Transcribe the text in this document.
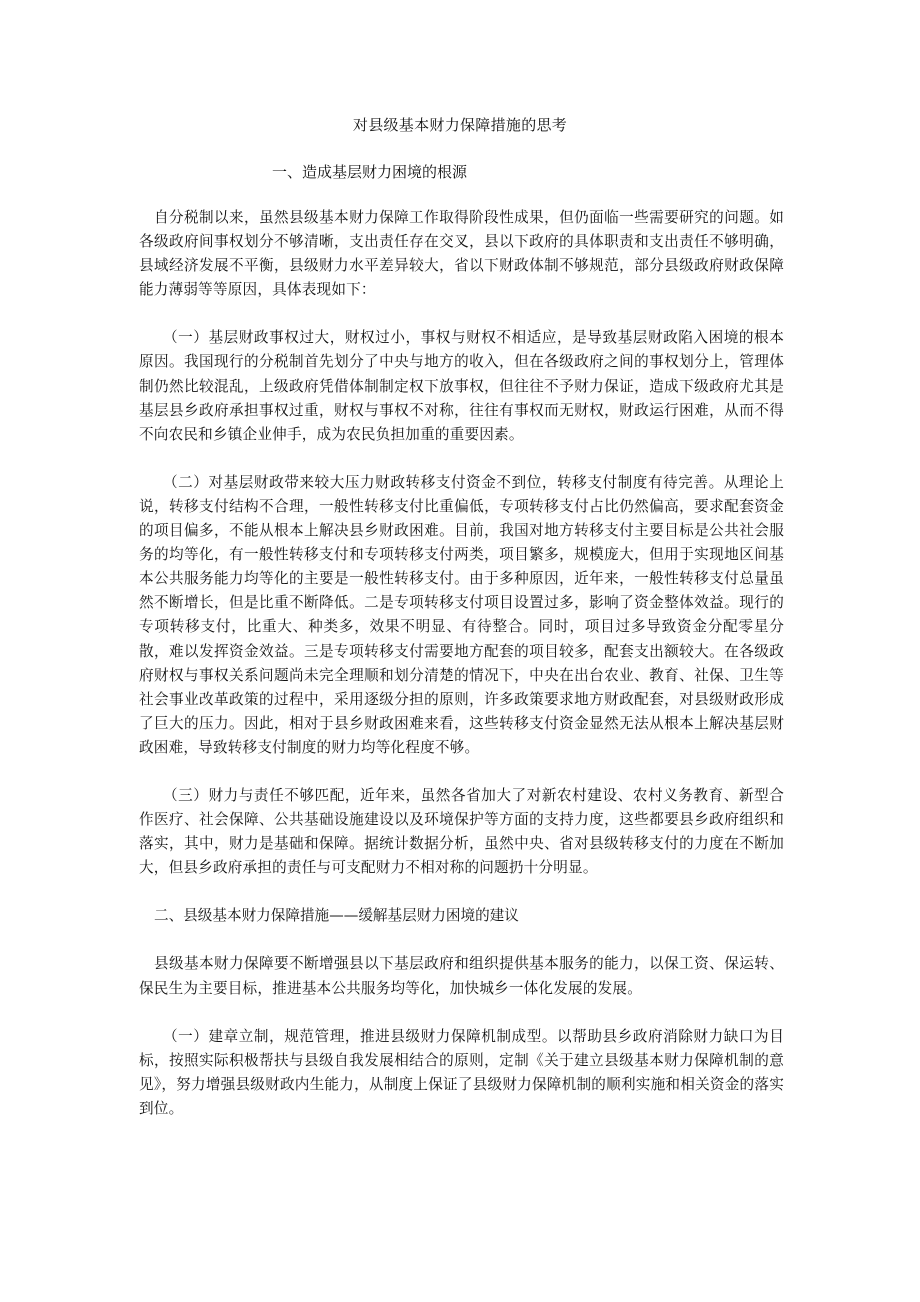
对县级基本财力保障措施的思考
一、造成基层财力困境的根源

自分税制以来，虽然县级基本财力保障工作取得阶段性成果，但仍面临一些需要研究的问题。如各级政府间事权划分不够清晰，支出责任存在交叉，县以下政府的具体职责和支出责任不够明确，县域经济发展不平衡，县级财力水平差异较大，省以下财政体制不够规范，部分县级政府财政保障能力薄弱等等原因，具体表现如下：

（一）基层财政事权过大，财权过小，事权与财权不相适应，是导致基层财政陷入困境的根本原因。我国现行的分税制首先划分了中央与地方的收入，但在各级政府之间的事权划分上，管理体制仍然比较混乱，上级政府凭借体制制定权下放事权，但往往不予财力保证，造成下级政府尤其是基层县乡政府承担事权过重，财权与事权不对称，往往有事权而无财权，财政运行困难，从而不得不向农民和乡镇企业伸手，成为农民负担加重的重要因素。

（二）对基层财政带来较大压力财政转移支付资金不到位，转移支付制度有待完善。从理论上说，转移支付结构不合理，一般性转移支付比重偏低，专项转移支付占比仍然偏高，要求配套资金的项目偏多，不能从根本上解决县乡财政困难。目前，我国对地方转移支付主要目标是公共社会服务的均等化，有一般性转移支付和专项转移支付两类，项目繁多，规模庞大，但用于实现地区间基本公共服务能力均等化的主要是一般性转移支付。由于多种原因，近年来，一般性转移支付总量虽然不断增长，但是比重不断降低。二是专项转移支付项目设置过多，影响了资金整体效益。现行的专项转移支付，比重大、种类多，效果不明显、有待整合。同时，项目过多导致资金分配零星分散，难以发挥资金效益。三是专项转移支付需要地方配套的项目较多，配套支出额较大。在各级政府财权与事权关系问题尚未完全理顺和划分清楚的情况下，中央在出台农业、教育、社保、卫生等社会事业改革政策的过程中，采用逐级分担的原则，许多政策要求地方财政配套，对县级财政形成了巨大的压力。因此，相对于县乡财政困难来看，这些转移支付资金显然无法从根本上解决基层财政困难，导致转移支付制度的财力均等化程度不够。

（三）财力与责任不够匹配，近年来，虽然各省加大了对新农村建设、农村义务教育、新型合作医疗、社会保障、公共基础设施建设以及环境保护等方面的支持力度，这些都要县乡政府组织和落实，其中，财力是基础和保障。据统计数据分析，虽然中央、省对县级转移支付的力度在不断加大，但县乡政府承担的责任与可支配财力不相对称的问题扔十分明显。

二、县级基本财力保障措施——缓解基层财力困境的建议

县级基本财力保障要不断增强县以下基层政府和组织提供基本服务的能力，以保工资、保运转、保民生为主要目标，推进基本公共服务均等化，加快城乡一体化发展的发展。

（一）建章立制，规范管理，推进县级财力保障机制成型。以帮助县乡政府消除财力缺口为目标，按照实际积极帮扶与县级自我发展相结合的原则，定制《关于建立县级基本财力保障机制的意见》，努力增强县级财政内生能力，从制度上保证了县级财力保障机制的顺利实施和相关资金的落实到位。
